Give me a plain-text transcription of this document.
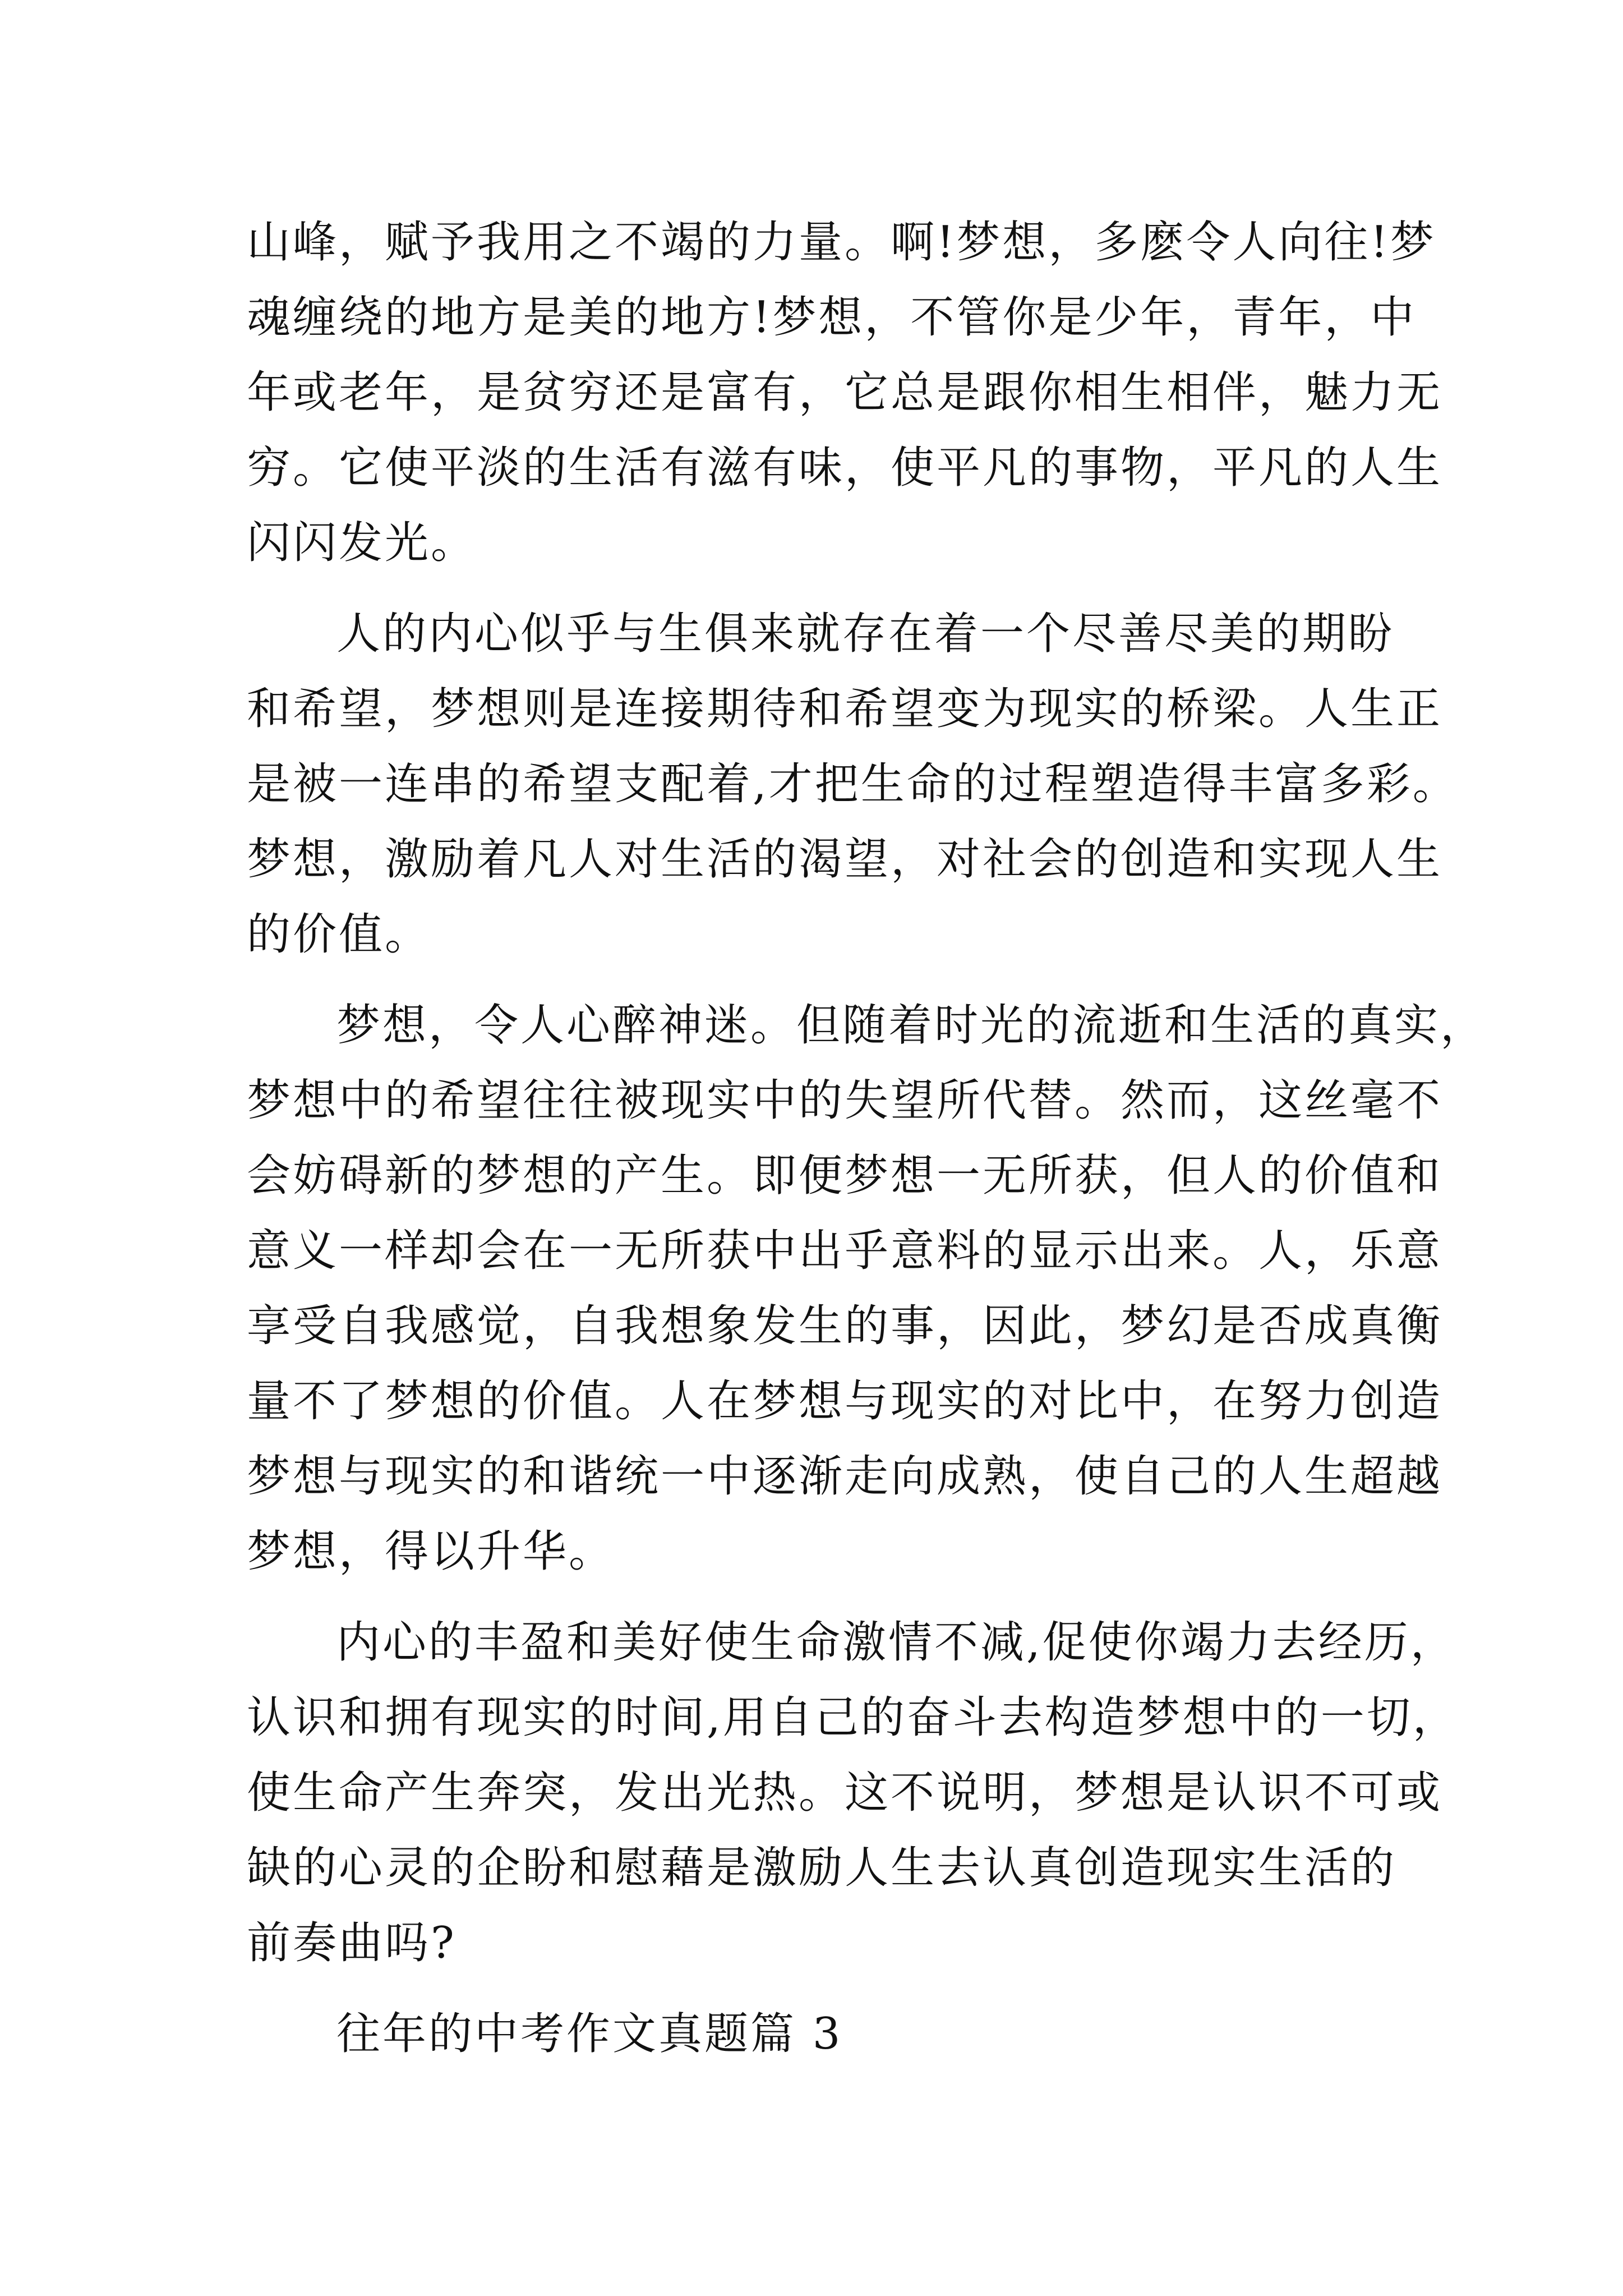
山峰，赋予我用之不竭的力量。啊!梦想，多麽令人向往!梦
魂缠绕的地方是美的地方!梦想，不管你是少年，青年，中
年或老年，是贫穷还是富有，它总是跟你相生相伴，魅力无
穷。它使平淡的生活有滋有味，使平凡的事物，平凡的人生
闪闪发光。
人的内心似乎与生俱来就存在着一个尽善尽美的期盼
和希望，梦想则是连接期待和希望变为现实的桥梁。人生正
是被一连串的希望支配着,才把生命的过程塑造得丰富多彩。
梦想，激励着凡人对生活的渴望，对社会的创造和实现人生
的价值。
梦想，令人心醉神迷。但随着时光的流逝和生活的真实，
梦想中的希望往往被现实中的失望所代替。然而，这丝毫不
会妨碍新的梦想的产生。即便梦想一无所获，但人的价值和
意义一样却会在一无所获中出乎意料的显示出来。人，乐意
享受自我感觉，自我想象发生的事，因此，梦幻是否成真衡
量不了梦想的价值。人在梦想与现实的对比中，在努力创造
梦想与现实的和谐统一中逐渐走向成熟，使自己的人生超越
梦想，得以升华。
内心的丰盈和美好使生命激情不减,促使你竭力去经历，
认识和拥有现实的时间,用自己的奋斗去构造梦想中的一切，
使生命产生奔突，发出光热。这不说明，梦想是认识不可或
缺的心灵的企盼和慰藉是激励人生去认真创造现实生活的
前奏曲吗?
往年的中考作文真题篇 3
